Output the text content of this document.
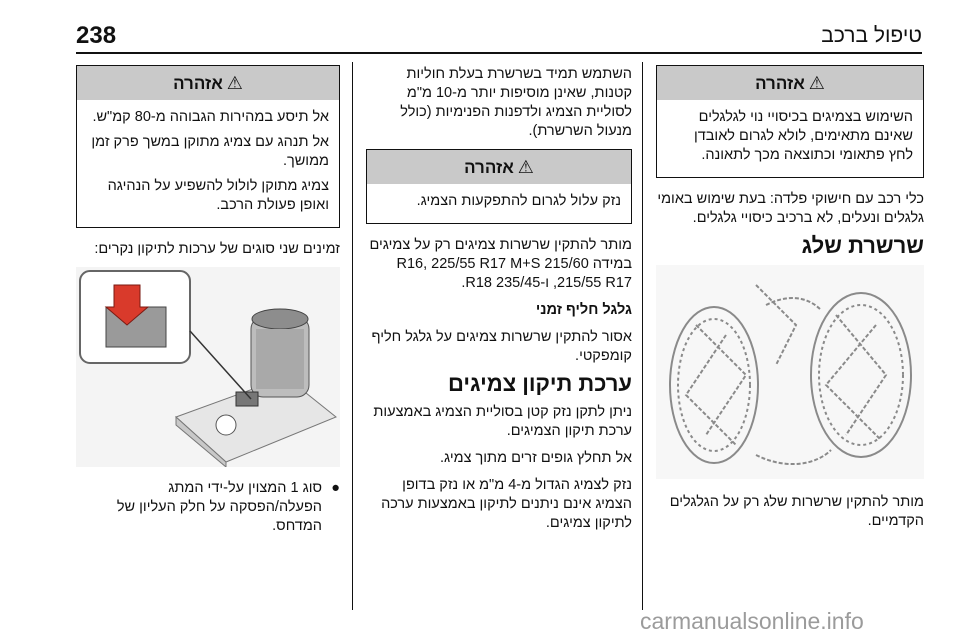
238	טיפול ברכב
⚠אזהרה

השימוש בצמיגים בכיסויי נוי לגלגלים שאינם מתאימים, לולא לגרום לאובדן לחץ פתאומי וכתוצאה מכך לתאונה.

כלי רכב עם חישוקי פלדה: בעת שימוש באומי גלגלים ונעלים, לא ברכיב כיסויי גלגלים.

שרשרת שלג

מותר להתקין שרשרות שלג רק על הגלגלים הקדמיים.

השתמש תמיד בשרשרת בעלת חוליות קטנות, שאינן מוסיפות יותר מ-10 מ"מ לסוליית הצמיג ולדפנות הפנימיות (כולל מנעול השרשרת).

⚠אזהרה

נזק עלול לגרום להתפקעות הצמיג.

מותר להתקין שרשרות צמיגים רק על צמיגים במידה 215/60 R16, 225/55 R17 M+S ,215/55 R17 ו-235/45 R18.

גלגל חליף זמני

אסור להתקין שרשרות צמיגים על גלגל חליף קומפקטי.

ערכת תיקון צמיגים

ניתן לתקן נזק קטן בסוליית הצמיג באמצעות ערכת תיקון הצמיגים.

אל תחלץ גופים זרים מתוך צמיג.

נזק לצמיג הגדול מ-4 מ"מ או נזק בדופן הצמיג אינם ניתנים לתיקון באמצעות ערכה לתיקון צמיגים.

⚠אזהרה

אל תיסע במהירות הגבוהה מ-80 קמ"ש.

אל תנהג עם צמיג מתוקן במשך פרק זמן ממושך.

צמיג מתוקן לולול להשפיע על הנהיגה ואופן פעולת הרכב.

זמינים שני סוגים של ערכות לתיקון נקרים:

●
סוג 1 המצוין על-ידי המתג הפעלה/הפסקה על חלק העליון של המדחס.

carmanualsonline.info
